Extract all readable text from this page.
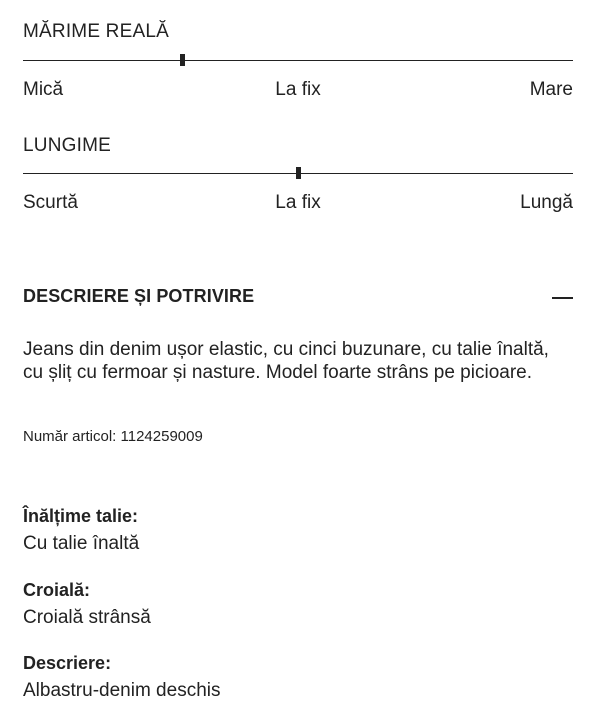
MĂRIME REALĂ
Mică	La fix	Mare
LUNGIME
Scurtă	La fix	Lungă
DESCRIERE ȘI POTRIVIRE
Jeans din denim ușor elastic, cu cinci buzunare, cu talie înaltă, cu șliț cu fermoar și nasture. Model foarte strâns pe picioare.
Număr articol: 1124259009
Înălțime talie:
Cu talie înaltă
Croială:
Croială strânsă
Descriere:
Albastru-denim deschis
